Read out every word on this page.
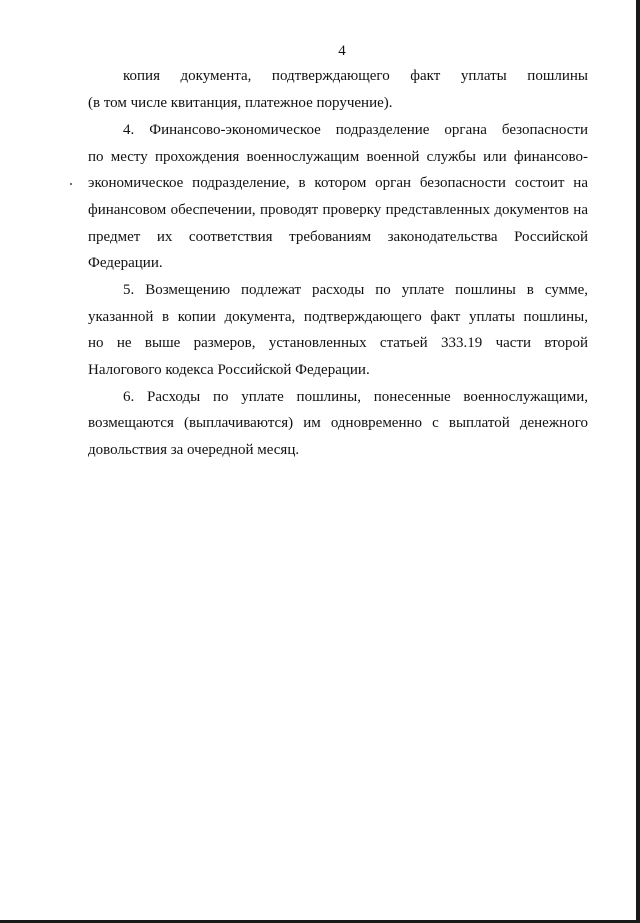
4
копия документа, подтверждающего факт уплаты пошлины
(в том числе квитанция, платежное поручение).
4. Финансово-экономическое подразделение органа безопасности
по месту прохождения военнослужащим военной службы или финансово-
экономическое подразделение, в котором орган безопасности состоит на
финансовом обеспечении, проводят проверку представленных документов на
предмет их соответствия требованиям законодательства Российской
Федерации.
5. Возмещению подлежат расходы по уплате пошлины в сумме,
указанной в копии документа, подтверждающего факт уплаты пошлины,
но не выше размеров, установленных статьей 333.19 части второй
Налогового кодекса Российской Федерации.
6. Расходы по уплате пошлины, понесенные военнослужащими,
возмещаются (выплачиваются) им одновременно с выплатой денежного
довольствия за очередной месяц.
